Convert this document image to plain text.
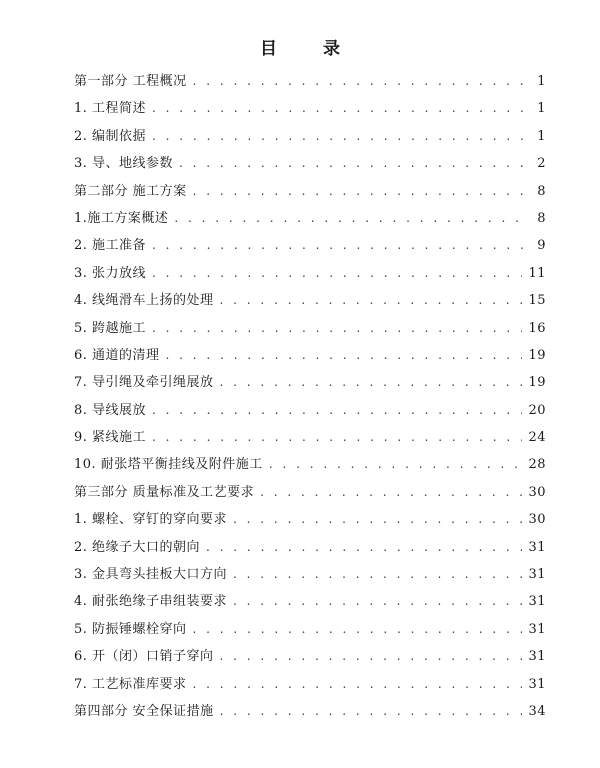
目 录
第一部分 工程概况 . . .	1
1. 工程简述 . . .	1
2. 编制依据 . . .	1
3. 导、地线参数 . . .	2
第二部分 施工方案 . . .	8
1.施工方案概述 . . .	8
2. 施工准备 . . .	9
3. 张力放线 . . .	11
4. 线绳滑车上扬的处理 . . .	15
5. 跨越施工 . . .	16
6. 通道的清理 . . .	19
7. 导引绳及牵引绳展放 . . .	19
8. 导线展放 . . .	20
9. 紧线施工 . . .	24
10. 耐张塔平衡挂线及附件施工 . . .	28
第三部分 质量标准及工艺要求 . . .	30
1. 螺栓、穿钉的穿向要求 . . .	30
2. 绝缘子大口的朝向 . . .	31
3. 金具弯头挂板大口方向 . . .	31
4. 耐张绝缘子串组装要求 . . .	31
5. 防振锤螺栓穿向 . . .	31
6. 开（闭）口销子穿向 . . .	31
7. 工艺标准库要求 . . .	31
第四部分 安全保证措施 . . .	34
